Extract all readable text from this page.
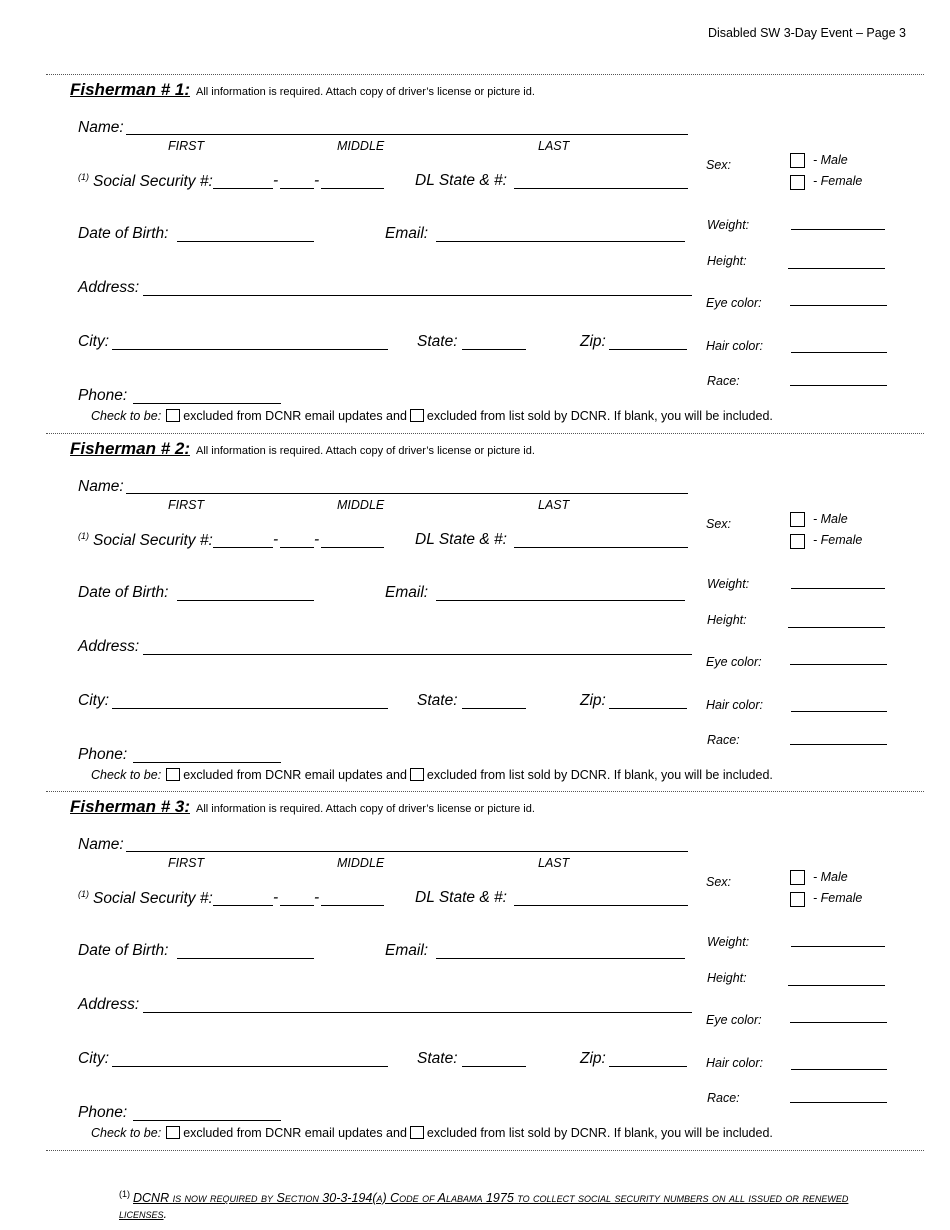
Disabled SW 3-Day Event – Page 3
Fisherman # 1: All information is required. Attach copy of driver’s license or picture id.
Name:
FIRST	MIDDLE	LAST
$^{(1)}$ Social Security #:	- -	DL State & #:
Date of Birth:	Email:
Address:
City:	State:	Zip:
Phone:
Sex:	- Male
- Female
Weight:
Height:
Eye color:
Hair color:
Race:
Check to be: excluded from DCNR email updates and excluded from list sold by DCNR. If blank, you will be included.
Fisherman # 2: All information is required. Attach copy of driver’s license or picture id.
Name:
FIRST	MIDDLE	LAST
$^{(1)}$ Social Security #:	- -	DL State & #:
Date of Birth:	Email:
Address:
City:	State:	Zip:
Phone:
Sex:	- Male
- Female
Weight:
Height:
Eye color:
Hair color:
Race:
Check to be: excluded from DCNR email updates and excluded from list sold by DCNR. If blank, you will be included.
Fisherman # 3: All information is required. Attach copy of driver’s license or picture id.
Name:
FIRST	MIDDLE	LAST
$^{(1)}$ Social Security #:	- -	DL State & #:
Date of Birth:	Email:
Address:
City:	State:	Zip:
Phone:
Sex:	- Male
- Female
Weight:
Height:
Eye color:
Hair color:
Race:
Check to be: excluded from DCNR email updates and excluded from list sold by DCNR. If blank, you will be included.
$^{(1)}$ DCNR is now required by Section 30-3-194(a) Code of Alabama 1975 to collect social security numbers on all issued or renewed licenses.
